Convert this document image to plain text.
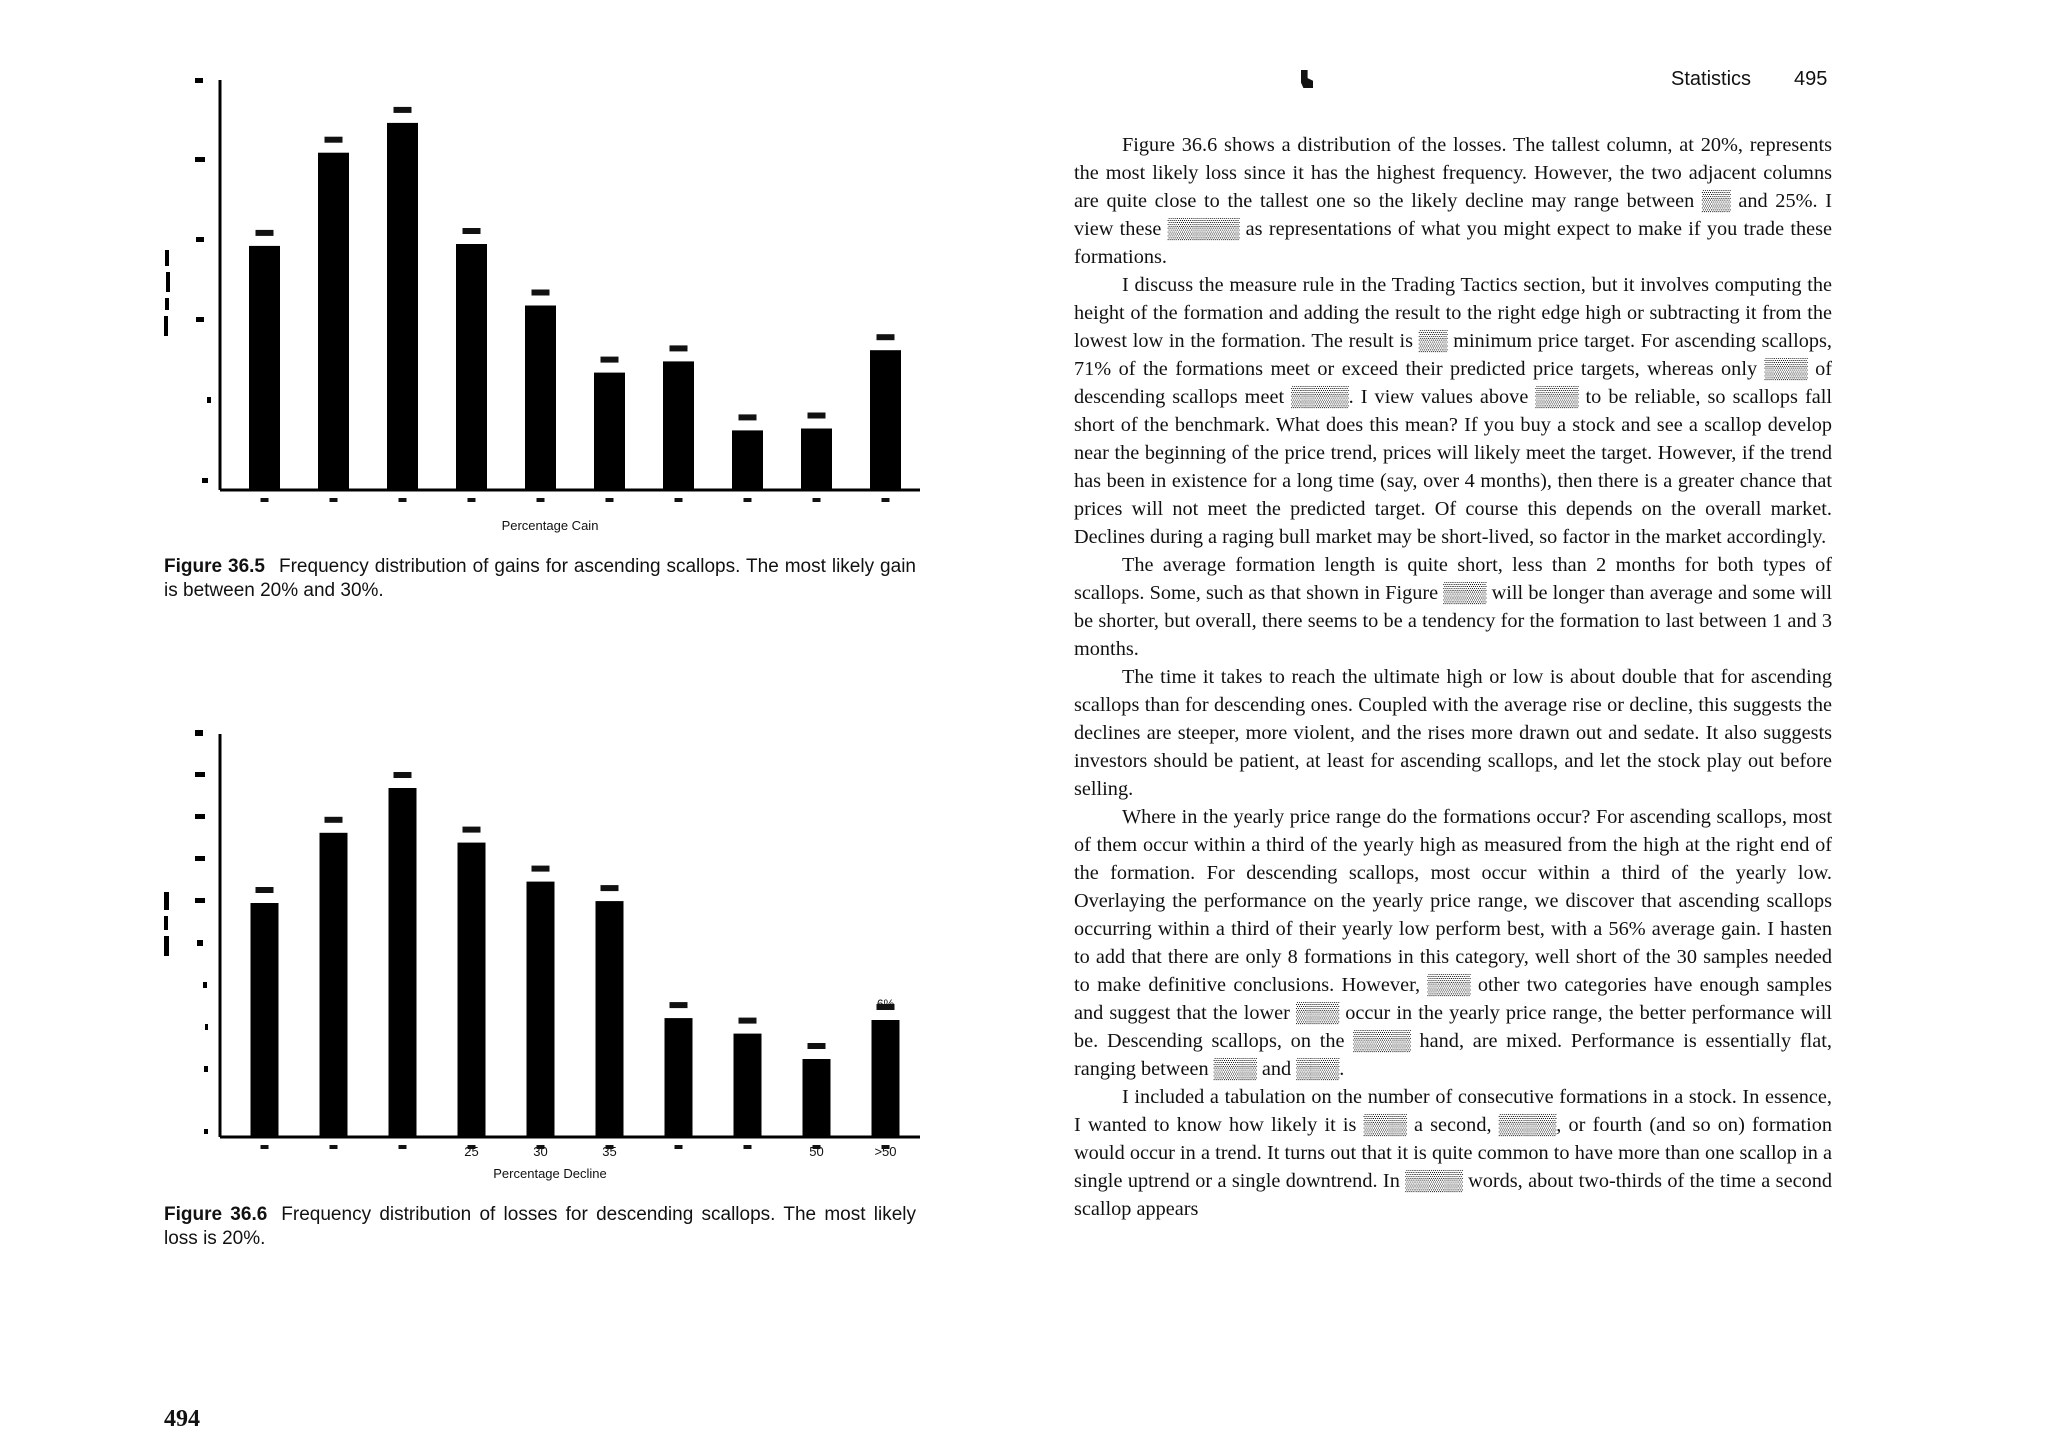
Percentage Cain
Figure 36.5 Frequency distribution of gains for ascending scallops. The most likely gain is between 20% and 30%.
6%
25	30	35	50	>50
Percentage Decline
Figure 36.6 Frequency distribution of losses for descending scallops. The most likely loss is 20%.
494
Statistics 495

Figure 36.6 shows a distribution of the losses. The tallest column, at 20%, represents the most likely loss since it has the highest frequency. However, the two adjacent columns are quite close to the tallest one so the likely decline may range between ▒▒ and 25%. I view these ▒▒▒▒▒ as representations of what you might expect to make if you trade these formations.

I discuss the measure rule in the Trading Tactics section, but it involves computing the height of the formation and adding the result to the right edge high or subtracting it from the lowest low in the formation. The result is ▒▒ minimum price target. For ascending scallops, 71% of the formations meet or exceed their predicted price targets, whereas only ▒▒▒ of descending scallops meet ▒▒▒▒. I view values above ▒▒▒ to be reliable, so scallops fall short of the benchmark. What does this mean? If you buy a stock and see a scallop develop near the beginning of the price trend, prices will likely meet the target. However, if the trend has been in existence for a long time (say, over 4 months), then there is a greater chance that prices will not meet the predicted target. Of course this depends on the overall market. Declines during a raging bull market may be short-lived, so factor in the market accordingly.

The average formation length is quite short, less than 2 months for both types of scallops. Some, such as that shown in Figure ▒▒▒ will be longer than average and some will be shorter, but overall, there seems to be a tendency for the formation to last between 1 and 3 months.

The time it takes to reach the ultimate high or low is about double that for ascending scallops than for descending ones. Coupled with the average rise or decline, this suggests the declines are steeper, more violent, and the rises more drawn out and sedate. It also suggests investors should be patient, at least for ascending scallops, and let the stock play out before selling.

Where in the yearly price range do the formations occur? For ascending scallops, most of them occur within a third of the yearly high as measured from the high at the right end of the formation. For descending scallops, most occur within a third of the yearly low. Overlaying the performance on the yearly price range, we discover that ascending scallops occurring within a third of their yearly low perform best, with a 56% average gain. I hasten to add that there are only 8 formations in this category, well short of the 30 samples needed to make definitive conclusions. However, ▒▒▒ other two categories have enough samples and suggest that the lower ▒▒▒ occur in the yearly price range, the better performance will be. Descending scallops, on the ▒▒▒▒ hand, are mixed. Performance is essentially flat, ranging between ▒▒▒ and ▒▒▒.

I included a tabulation on the number of consecutive formations in a stock. In essence, I wanted to know how likely it is ▒▒▒ a second, ▒▒▒▒, or fourth (and so on) formation would occur in a trend. It turns out that it is quite common to have more than one scallop in a single uptrend or a single downtrend. In ▒▒▒▒ words, about two-thirds of the time a second scallop appears
